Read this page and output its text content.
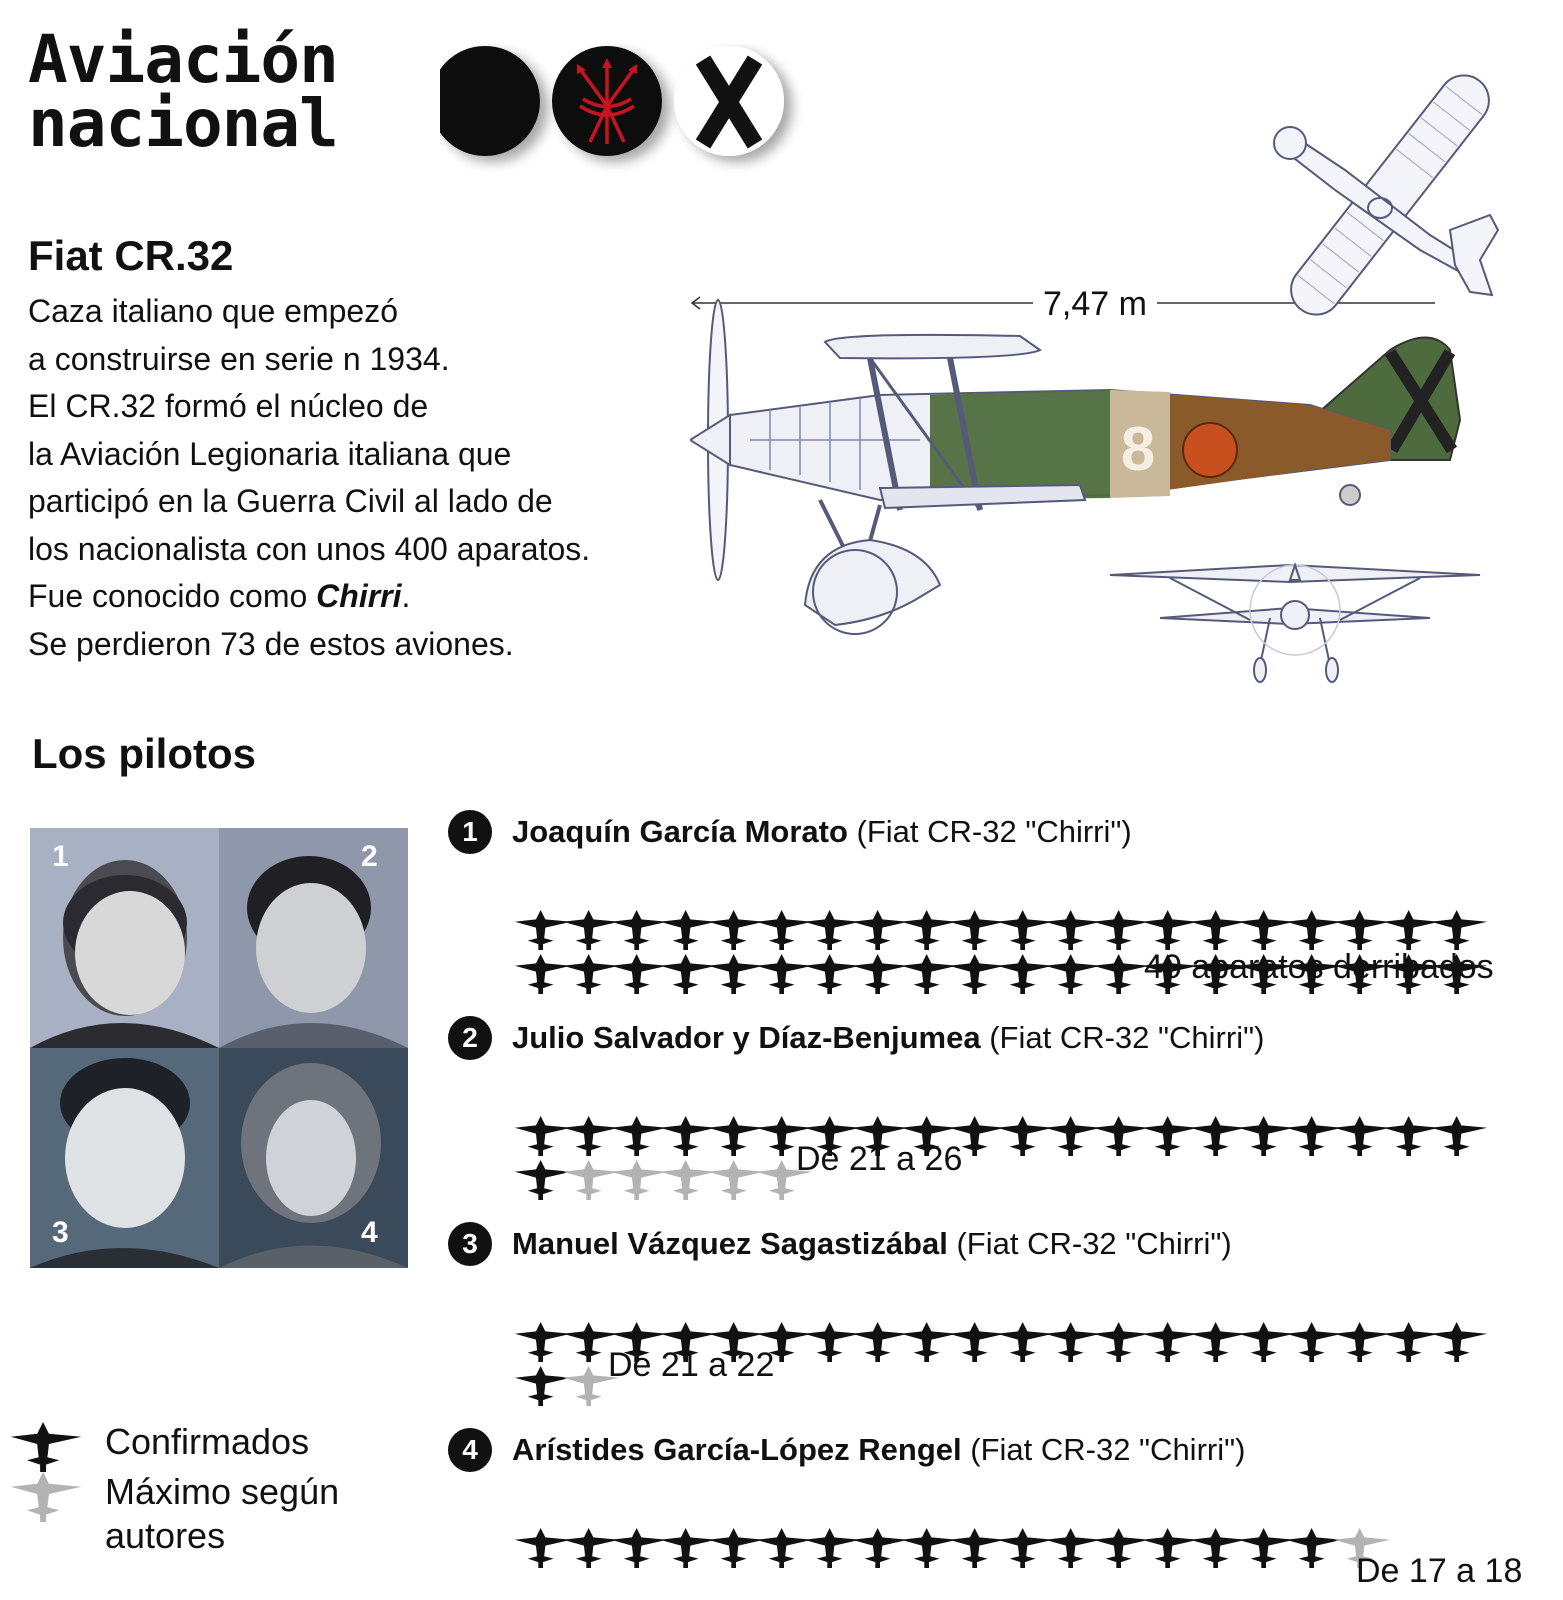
Aviación
nacional
Fiat CR.32

Caza italiano que empezó

a construirse en serie n 1934.

El CR.32 formó el núcleo de

la Aviación Legionaria italiana que

participó en la Guerra Civil al lado de

los nacionalista con unos 400 aparatos.

Fue conocido como Chirri.

Se perdieron 73 de estos aviones.

8
7,47 m
Los pilotos
1	2
3	4
1	Joaquín García Morato (Fiat CR-32 "Chirri")
40 aparatos derribados
2	Julio Salvador y Díaz-Benjumea (Fiat CR-32 "Chirri")
De 21 a 26
3	Manuel Vázquez Sagastizábal (Fiat CR-32 "Chirri")
De 21 a 22
4	Arístides García-López Rengel (Fiat CR-32 "Chirri")
De 17 a 18
Confirmados
Máximo según
autores
